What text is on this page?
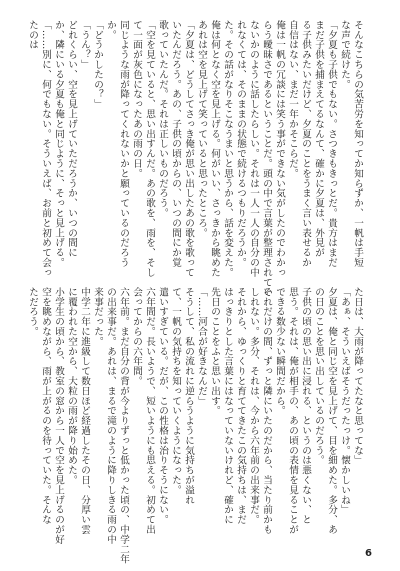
そんなこちらの気苦労を知ってか知らずか、一帆は手短
な声で続けた。
「夕夏も子供でもない。さつきもきっとだ。貴方はまだ
まだ子供を捕まえてるなんて、確かに夕夏は、外見が
る子供みたいだけど、夕夏のことをうまく言い表せるか
自信はない、まだ一年かそこらだ。
俺は一帆の冗談には笑う事ができない気がしたのでわかっ
らう曖昧さであるということだ。頭の中で言葉が整理されてい
ないかのように話したらしい。それは一人一人の自分の中
れなくては、そのままの状態で続けるつもりだろうか。
た。その話がなりそこなうまいと思うから、話を変えた。
俺は何となく空を見上げる。何がいい、さっきから眺めた
あれは空を見上げて笑っていると思ったところ。
「夕夏は、どうしてさっき俺が思い出したあの歌を歌って
いたんだろう。あの、子供の頃からの、いつの間にか覚
歌っていたんだ。それは正しいものだろう。
「空を見ていると、思い出すんだ。あの歌を、雨を、そし
て一面が灰色になったあの雨の日。
同じような雨が降ってくれないかと願っているのだろう
か。
「どうかしたの？」
「うん？」
どれくらい、空を見上げていただろうか、いつの間に
か、隣にいる夕夏も俺と同じように、そっと見上げる。
「……別に、何でもない。そういえば、お前と初めて会っ
たのは
た日は、大雨が降ってたなと思ってな」
「あぁ、そういえばそうだったっけ。懐かしいね」
夕夏は、俺と同じ空を見上げて、目を細めた。多分、あ
の日のことを思い出しているのだろう。
子供の頃の思い出に浸れる、というのは悪くない、と
思う。それは、俺が相手の、あの頃の表情を見ることが
できる数少ない瞬間だから。
それだけの間、ずっと隣にいたのだから、当たり前かも
しれない。多分、それは、今から六年前の出来事だ。
それから、ゆっくりと育ててきたこの気持ちは、まだ
はっきりとした言葉にはなっていないけれど、確かに
先日のことをふと思い出す。
「……河合が好きなんだ」
そうして、私の流れに逆らうように気持ちが溢れ
て、一帆の気持ちを知っていくようになった。
遣いすぎている。だが、この性格は治りそうにない。
六年間だ。長いようで、短いようにも思える。初めて出
会ってからの六年間。
六年前。まだ自分の背が今よりずっと低かった頃の、中学二年
の出来事だ。あれは、まるで滝のように降りしきる雨の中
来事だった。
中学二年に進級して数日ほど経過したその日、分厚い雲
に覆われた空から、大粒の雨が降り始めた。
小学生の頃から、教室の窓から一人で空を見上げるのが好
空を眺めながら、雨が上がるのを待っていた。そんな
ただろう。
6
